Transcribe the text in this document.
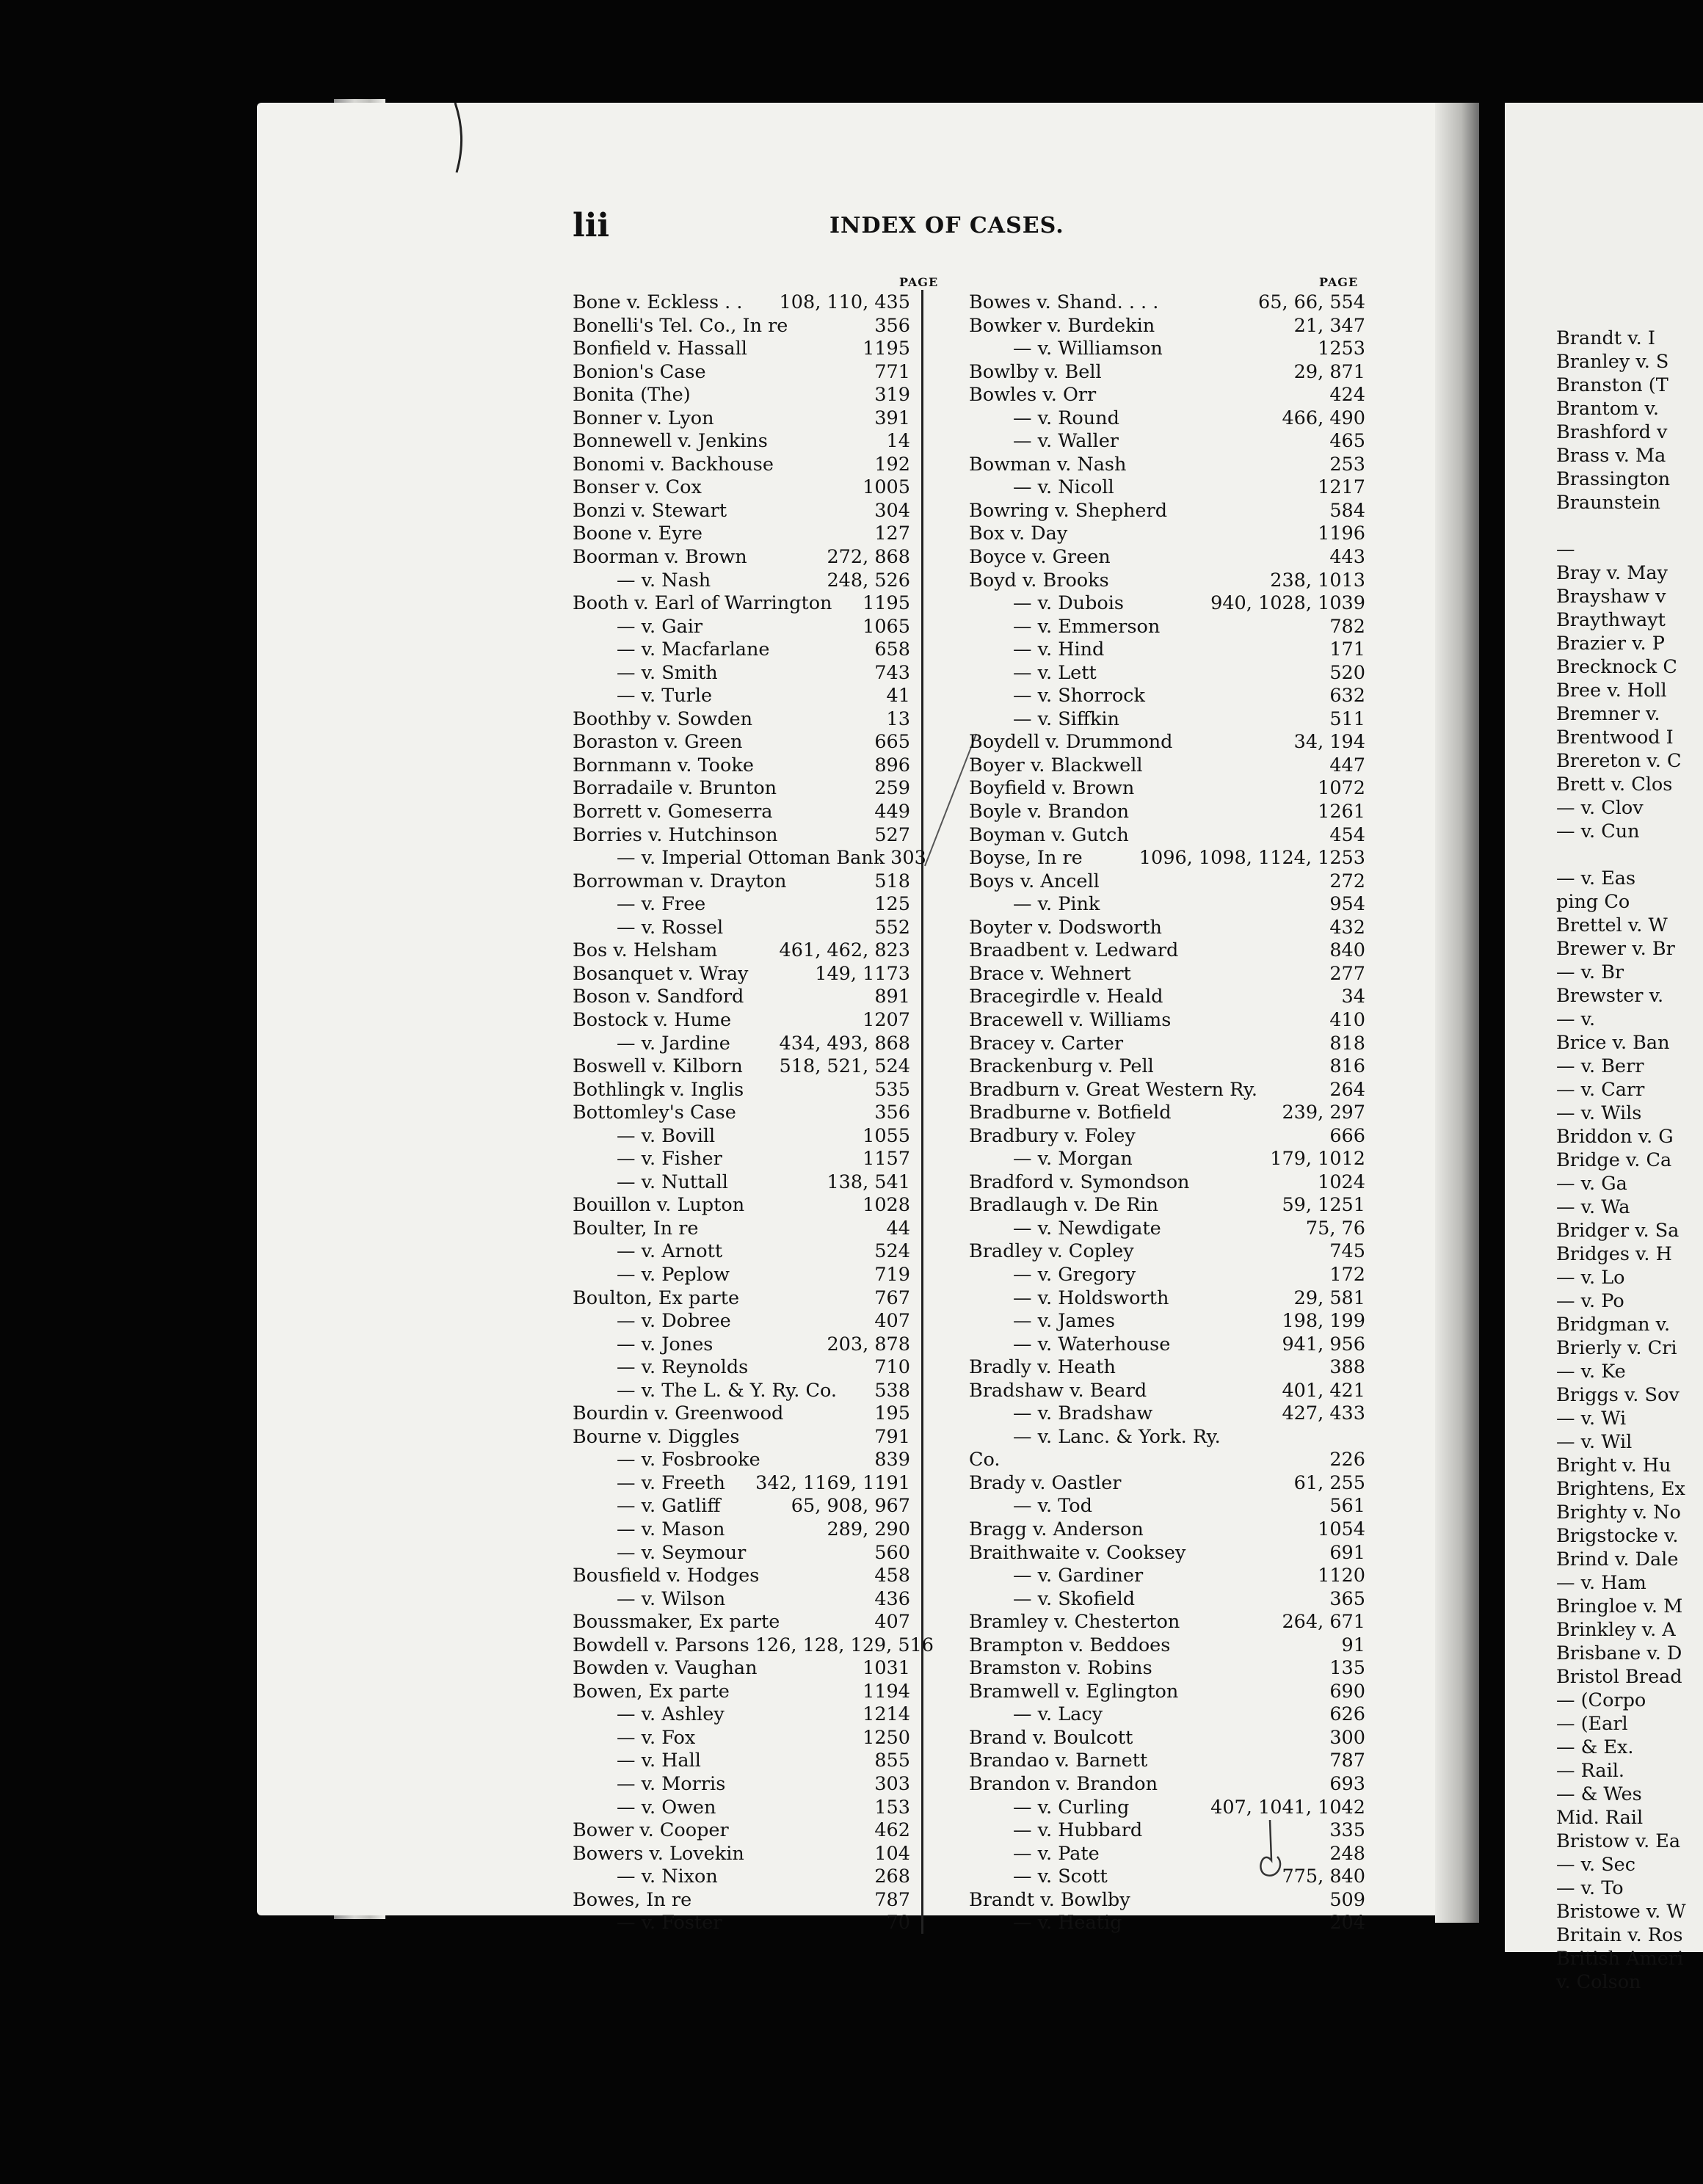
lii	INDEX OF CASES.
PAGE	PAGE
Bone v. Eckless . .	108, 110, 435
Bonelli's Tel. Co., In re	356
Bonfield v. Hassall	1195
Bonion's Case	771
Bonita (The)	319
Bonner v. Lyon	391
Bonnewell v. Jenkins	14
Bonomi v. Backhouse	192
Bonser v. Cox	1005
Bonzi v. Stewart	304
Boone v. Eyre	127
Boorman v. Brown	272, 868
— v. Nash	248, 526
Booth v. Earl of Warrington	1195
— v. Gair	1065
— v. Macfarlane	658
— v. Smith	743
— v. Turle	41
Boothby v. Sowden	13
Boraston v. Green	665
Bornmann v. Tooke	896
Borradaile v. Brunton	259
Borrett v. Gomeserra	449
Borries v. Hutchinson	527
— v. Imperial Ottoman Bank 303
Borrowman v. Drayton	518
— v. Free	125
— v. Rossel	552
Bos v. Helsham	461, 462, 823
Bosanquet v. Wray	149, 1173
Boson v. Sandford	891
Bostock v. Hume	1207
— v. Jardine	434, 493, 868
Boswell v. Kilborn	518, 521, 524
Bothlingk v. Inglis	535
Bottomley's Case	356
— v. Bovill	1055
— v. Fisher	1157
— v. Nuttall	138, 541
Bouillon v. Lupton	1028
Boulter, In re	44
— v. Arnott	524
— v. Peplow	719
Boulton, Ex parte	767
— v. Dobree	407
— v. Jones	203, 878
— v. Reynolds	710
— v. The L. & Y. Ry. Co.	538
Bourdin v. Greenwood	195
Bourne v. Diggles	791
— v. Fosbrooke	839
— v. Freeth	342, 1169, 1191
— v. Gatliff	65, 908, 967
— v. Mason	289, 290
— v. Seymour	560
Bousfield v. Hodges	458
— v. Wilson	436
Boussmaker, Ex parte	407
Bowdell v. Parsons 126, 128, 129, 516
Bowden v. Vaughan	1031
Bowen, Ex parte	1194
— v. Ashley	1214
— v. Fox	1250
— v. Hall	855
— v. Morris	303
— v. Owen	153
Bower v. Cooper	462
Bowers v. Lovekin	104
— v. Nixon	268
Bowes, In re	787
— v. Foster	70
Bowes v. Shand. . . .	65, 66, 554
Bowker v. Burdekin	21, 347
— v. Williamson	1253
Bowlby v. Bell	29, 871
Bowles v. Orr	424
— v. Round	466, 490
— v. Waller	465
Bowman v. Nash	253
— v. Nicoll	1217
Bowring v. Shepherd	584
Box v. Day	1196
Boyce v. Green	443
Boyd v. Brooks	238, 1013
— v. Dubois	940, 1028, 1039
— v. Emmerson	782
— v. Hind	171
— v. Lett	520
— v. Shorrock	632
— v. Siffkin	511
Boydell v. Drummond	34, 194
Boyer v. Blackwell	447
Boyfield v. Brown	1072
Boyle v. Brandon	1261
Boyman v. Gutch	454
Boyse, In re	1096, 1098, 1124, 1253
Boys v. Ancell	272
— v. Pink	954
Boyter v. Dodsworth	432
Braadbent v. Ledward	840
Brace v. Wehnert	277
Bracegirdle v. Heald	34
Bracewell v. Williams	410
Bracey v. Carter	818
Brackenburg v. Pell	816
Bradburn v. Great Western Ry.	264
Bradburne v. Botfield	239, 297
Bradbury v. Foley	666
— v. Morgan	179, 1012
Bradford v. Symondson	1024
Bradlaugh v. De Rin	59, 1251
— v. Newdigate	75, 76
Bradley v. Copley	745
— v. Gregory	172
— v. Holdsworth	29, 581
— v. James	198, 199
— v. Waterhouse	941, 956
Bradly v. Heath	388
Bradshaw v. Beard	401, 421
— v. Bradshaw	427, 433
— v. Lanc. & York. Ry.
Co.	226
Brady v. Oastler	61, 255
— v. Tod	561
Bragg v. Anderson	1054
Braithwaite v. Cooksey	691
— v. Gardiner	1120
— v. Skofield	365
Bramley v. Chesterton	264, 671
Brampton v. Beddoes	91
Bramston v. Robins	135
Bramwell v. Eglington	690
— v. Lacy	626
Brand v. Boulcott	300
Brandao v. Barnett	787
Brandon v. Brandon	693
— v. Curling	407, 1041, 1042
— v. Hubbard	335
— v. Pate	248
— v. Scott	775, 840
Brandt v. Bowlby	509
— v. Heatig	204
Brandt v. I
Branley v. S
Branston (T
Brantom v.
Brashford v
Brass v. Ma
Brassington
Braunstein
—
Bray v. May
Brayshaw v
Braythwayt
Brazier v. P
Brecknock C
Bree v. Holl
Bremner v.
Brentwood I
Brereton v. C
Brett v. Clos
— v. Clov
— v. Cun
— v. Eas
ping Co
Brettel v. W
Brewer v. Br
— v. Br
Brewster v.
— v.
Brice v. Ban
— v. Berr
— v. Carr
— v. Wils
Briddon v. G
Bridge v. Ca
— v. Ga
— v. Wa
Bridger v. Sa
Bridges v. H
— v. Lo
— v. Po
Bridgman v.
Brierly v. Cri
— v. Ke
Briggs v. Sov
— v. Wi
— v. Wil
Bright v. Hu
Brightens, Ex
Brighty v. No
Brigstocke v.
Brind v. Dale
— v. Ham
Bringloe v. M
Brinkley v. A
Brisbane v. D
Bristol Bread
— (Corpo
— (Earl
— & Ex.
— Rail.
— & Wes
Mid. Rail
Bristow v. Ea
— v. Sec
— v. To
Bristowe v. W
Britain v. Ros
British Ameri
v. Colson
